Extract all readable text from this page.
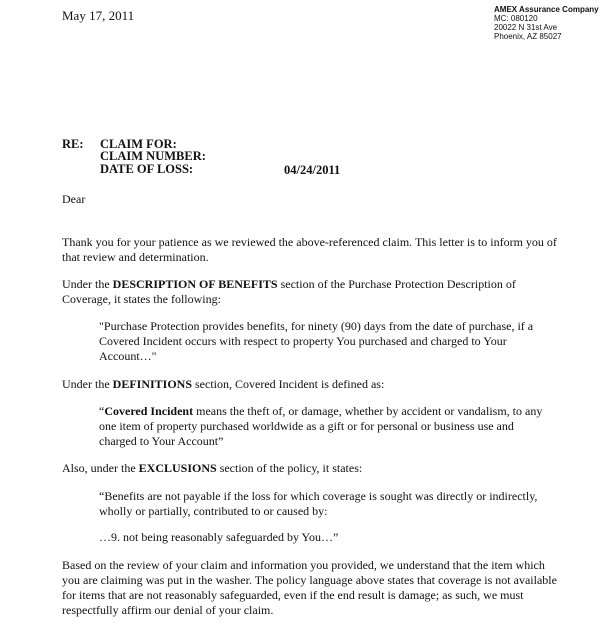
May 17, 2011	AMEX Assurance Company
MC: 080120
20022 N 31st Ave
Phoenix, AZ 85027
RE: CLAIM FOR:
CLAIM NUMBER:
DATE OF LOSS:	04/24/2011
Dear
Thank you for your patience as we reviewed the above-referenced claim. This letter is to inform you of that review and determination.
Under the DESCRIPTION OF BENEFITS section of the Purchase Protection Description of Coverage, it states the following:
"Purchase Protection provides benefits, for ninety (90) days from the date of purchase, if a Covered Incident occurs with respect to property You purchased and charged to Your Account…"
Under the DEFINITIONS section, Covered Incident is defined as:
“Covered Incident means the theft of, or damage, whether by accident or vandalism, to any one item of property purchased worldwide as a gift or for personal or business use and charged to Your Account”
Also, under the EXCLUSIONS section of the policy, it states:
“Benefits are not payable if the loss for which coverage is sought was directly or indirectly, wholly or partially, contributed to or caused by:
…9. not being reasonably safeguarded by You…”
Based on the review of your claim and information you provided, we understand that the item which you are claiming was put in the washer. The policy language above states that coverage is not available for items that are not reasonably safeguarded, even if the end result is damage; as such, we must respectfully affirm our denial of your claim.
